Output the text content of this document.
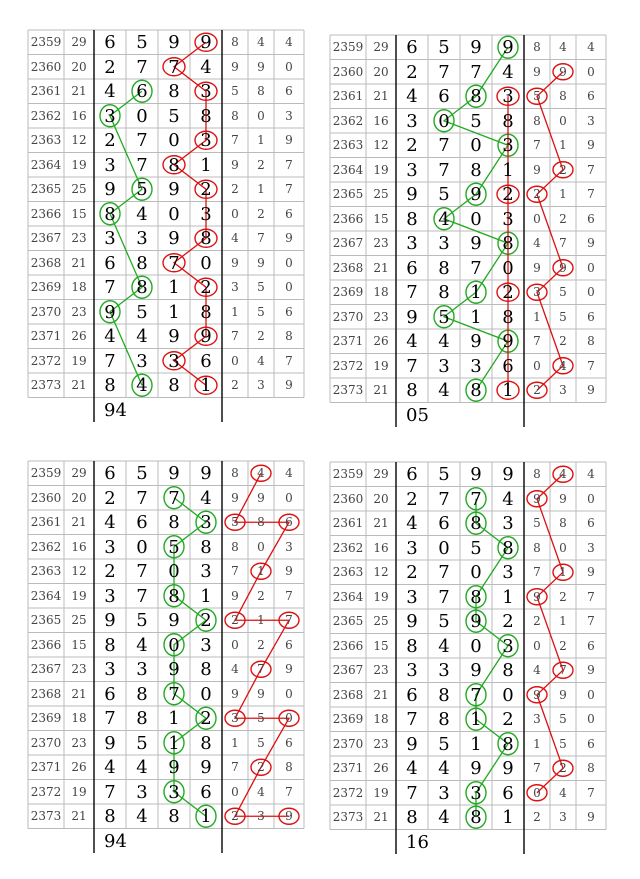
2359 29 6	5	9	9	8	4	4
2360 20 2	7	7	4	9	9	0
2361 21 4	6	8	3	5	8	6
2362 16 3	0	5	8	8	0	3
2363 12 2	7	0	3	7	1	9
2364 19 3	7	8	1	9	2	7
2365 25 9	5	9	2	2	1	7
2366 15 8	4	0	3	0	2	6
2367 23 3	3	9	8	4	7	9
2368 21 6	8	7	0	9	9	0
2369 18 7	8	1	2	3	5	0
2370 23 9	5	1	8	1	5	6
2371 26 4	4	9	9	7	2	8
2372 19 7	3	3	6	0	4	7
2373 21 8	4	8	1	2	3	9
94
2359 29 6	5	9	9	8	4	4
2360 20 2	7	7	4	9	9	0
2361 21 4	6	8	3	5	8	6
2362 16 3	0	5	8	8	0	3
2363 12 2	7	0	3	7	1	9
2364 19 3	7	8	1	9	2	7
2365 25 9	5	9	2	2	1	7
2366 15 8	4	0	3	0	2	6
2367 23 3	3	9	8	4	7	9
2368 21 6	8	7	0	9	9	0
2369 18 7	8	1	2	3	5	0
2370 23 9	5	1	8	1	5	6
2371 26 4	4	9	9	7	2	8
2372 19 7	3	3	6	0	4	7
2373 21 8	4	8	1	2	3	9
05
2359 29 6	5	9	9	8	4	4
2360 20 2	7	7	4	9	9	0
2361 21 4	6	8	3	5	8	6
2362 16 3	0	5	8	8	0	3
2363 12 2	7	0	3	7	1	9
2364 19 3	7	8	1	9	2	7
2365 25 9	5	9	2	2	1	7
2366 15 8	4	0	3	0	2	6
2367 23 3	3	9	8	4	7	9
2368 21 6	8	7	0	9	9	0
2369 18 7	8	1	2	3	5	0
2370 23 9	5	1	8	1	5	6
2371 26 4	4	9	9	7	2	8
2372 19 7	3	3	6	0	4	7
2373 21 8	4	8	1	2	3	9
94
2359 29 6	5	9	9	8	4	4
2360 20 2	7	7	4	9	9	0
2361 21 4	6	8	3	5	8	6
2362 16 3	0	5	8	8	0	3
2363 12 2	7	0	3	7	1	9
2364 19 3	7	8	1	9	2	7
2365 25 9	5	9	2	2	1	7
2366 15 8	4	0	3	0	2	6
2367 23 3	3	9	8	4	7	9
2368 21 6	8	7	0	9	9	0
2369 18 7	8	1	2	3	5	0
2370 23 9	5	1	8	1	5	6
2371 26 4	4	9	9	7	2	8
2372 19 7	3	3	6	0	4	7
2373 21 8	4	8	1	2	3	9
16
